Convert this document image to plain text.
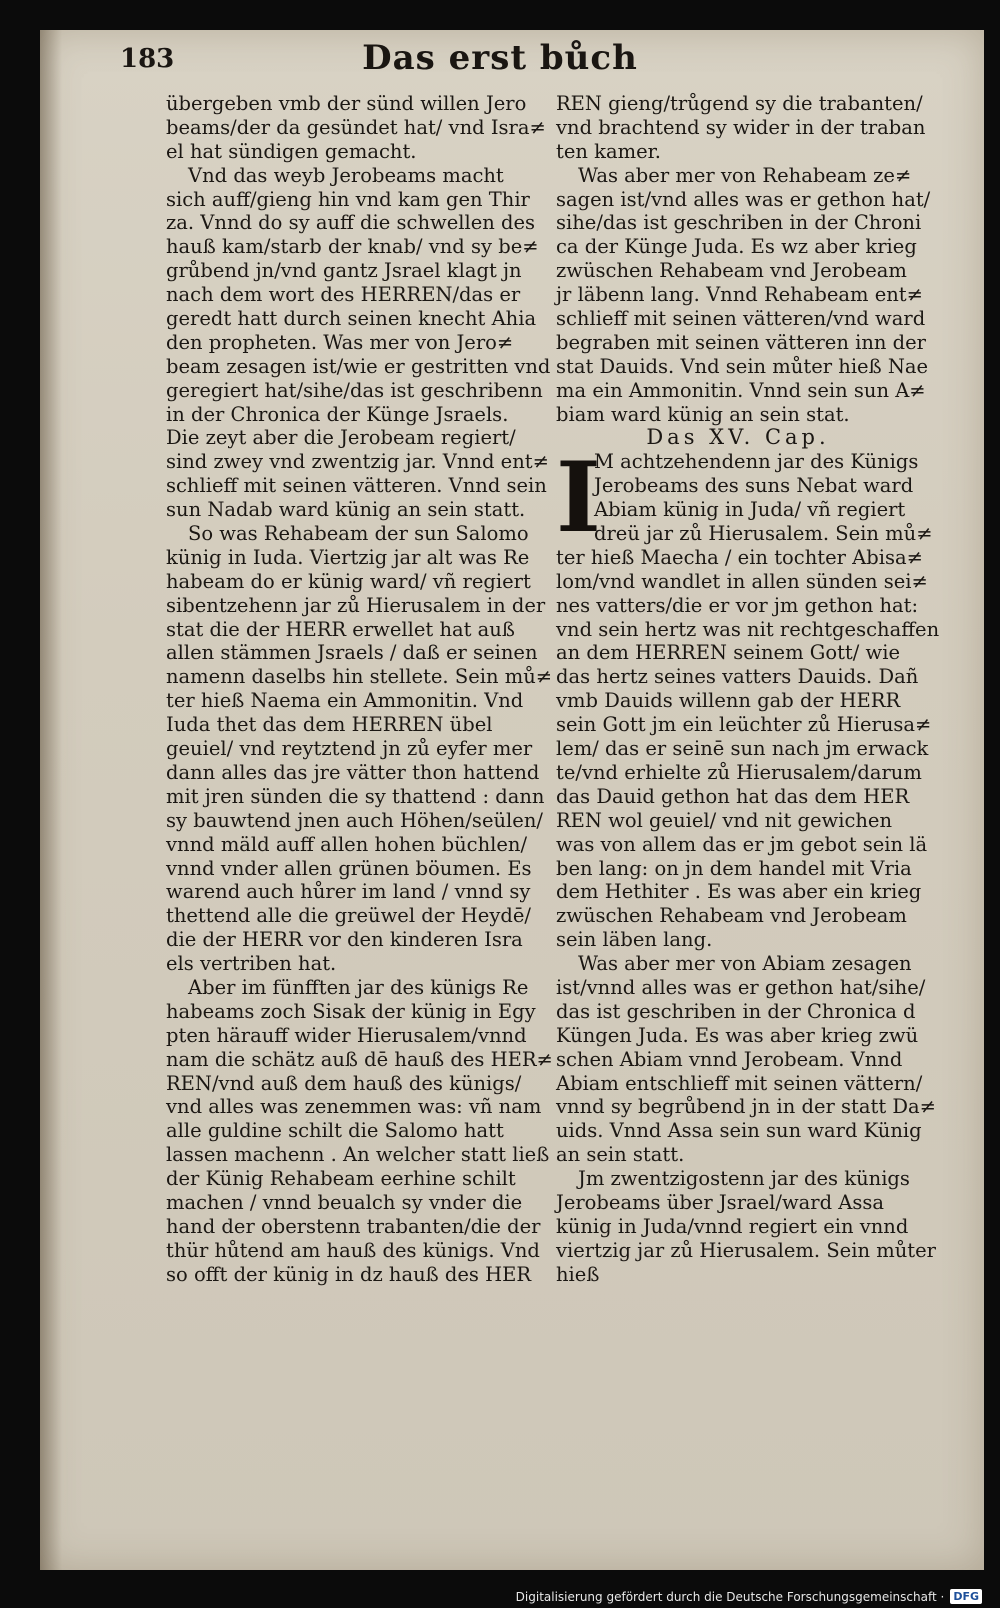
183	Das erst bůch
übergeben vmb der sünd willen Jero
beams/der da gesündet hat/ vnd Isra≠
el hat sündigen gemacht.
Vnd das weyb Jerobeams macht
sich auff/gieng hin vnd kam gen Thir
za. Vnnd do sy auff die schwellen des
hauß kam/starb der knab/ vnd sy be≠
grůbend jn/vnd gantz Jsrael klagt jn
nach dem wort des HERREN/das er
geredt hatt durch seinen knecht Ahia
den propheten. Was mer von Jero≠
beam zesagen ist/wie er gestritten vnd
geregiert hat/sihe/das ist geschribenn
in der Chronica der Künge Jsraels.
Die zeyt aber die Jerobeam regiert/
sind zwey vnd zwentzig jar. Vnnd ent≠
schlieff mit seinen vätteren. Vnnd sein
sun Nadab ward künig an sein statt.
So was Rehabeam der sun Salomo
künig in Iuda. Viertzig jar alt was Re
habeam do er künig ward/ vñ regiert
sibentzehenn jar zů Hierusalem in der
stat die der HERR erwellet hat auß
allen stämmen Jsraels / daß er seinen
namenn daselbs hin stellete. Sein mů≠
ter hieß Naema ein Ammonitin. Vnd
Iuda thet das dem HERREN übel
geuiel/ vnd reytztend jn zů eyfer mer
dann alles das jre vätter thon hattend
mit jren sünden die sy thattend : dann
sy bauwtend jnen auch Höhen/seülen/
vnnd mäld auff allen hohen büchlen/
vnnd vnder allen grünen böumen. Es
warend auch hůrer im land / vnnd sy
thettend alle die greüwel der Heydē/
die der HERR vor den kinderen Isra
els vertriben hat.
Aber im fünfften jar des künigs Re
habeams zoch Sisak der künig in Egy
pten härauff wider Hierusalem/vnnd
nam die schätz auß dē hauß des HER≠
REN/vnd auß dem hauß des künigs/
vnd alles was zenemmen was: vñ nam
alle guldine schilt die Salomo hatt
lassen machenn . An welcher statt ließ
der Künig Rehabeam eerhine schilt
machen / vnnd beualch sy vnder die
hand der oberstenn trabanten/die der
thür hůtend am hauß des künigs. Vnd
so offt der künig in dz hauß des HER
REN gieng/trůgend sy die trabanten/
vnd brachtend sy wider in der traban
ten kamer.
Was aber mer von Rehabeam ze≠
sagen ist/vnd alles was er gethon hat/
sihe/das ist geschriben in der Chroni
ca der Künge Juda. Es wz aber krieg
zwüschen Rehabeam vnd Jerobeam
jr läbenn lang. Vnnd Rehabeam ent≠
schlieff mit seinen vätteren/vnd ward
begraben mit seinen vätteren inn der
stat Dauids. Vnd sein můter hieß Nae
ma ein Ammonitin. Vnnd sein sun A≠
biam ward künig an sein stat.
Das XV. Cap.
I
M achtzehendenn jar des Künigs
Jerobeams des suns Nebat ward
Abiam künig in Juda/ vñ regiert
dreü jar zů Hierusalem. Sein mů≠
ter hieß Maecha / ein tochter Abisa≠
lom/vnd wandlet in allen sünden sei≠
nes vatters/die er vor jm gethon hat:
vnd sein hertz was nit rechtgeschaffen
an dem HERREN seinem Gott/ wie
das hertz seines vatters Dauids. Dañ
vmb Dauids willenn gab der HERR
sein Gott jm ein leüchter zů Hierusa≠
lem/ das er seinē sun nach jm erwack
te/vnd erhielte zů Hierusalem/darum
das Dauid gethon hat das dem HER
REN wol geuiel/ vnd nit gewichen
was von allem das er jm gebot sein lä
ben lang: on jn dem handel mit Vria
dem Hethiter . Es was aber ein krieg
zwüschen Rehabeam vnd Jerobeam
sein läben lang.
Was aber mer von Abiam zesagen
ist/vnnd alles was er gethon hat/sihe/
das ist geschriben in der Chronica d
Küngen Juda. Es was aber krieg zwü
schen Abiam vnnd Jerobeam. Vnnd
Abiam entschlieff mit seinen vättern/
vnnd sy begrůbend jn in der statt Da≠
uids. Vnnd Assa sein sun ward Künig
an sein statt.
Jm zwentzigostenn jar des künigs
Jerobeams über Jsrael/ward Assa
künig in Juda/vnnd regiert ein vnnd
viertzig jar zů Hierusalem. Sein můter
hieß
Digitalisierung gefördert durch die Deutsche Forschungsgemeinschaft · DFG
